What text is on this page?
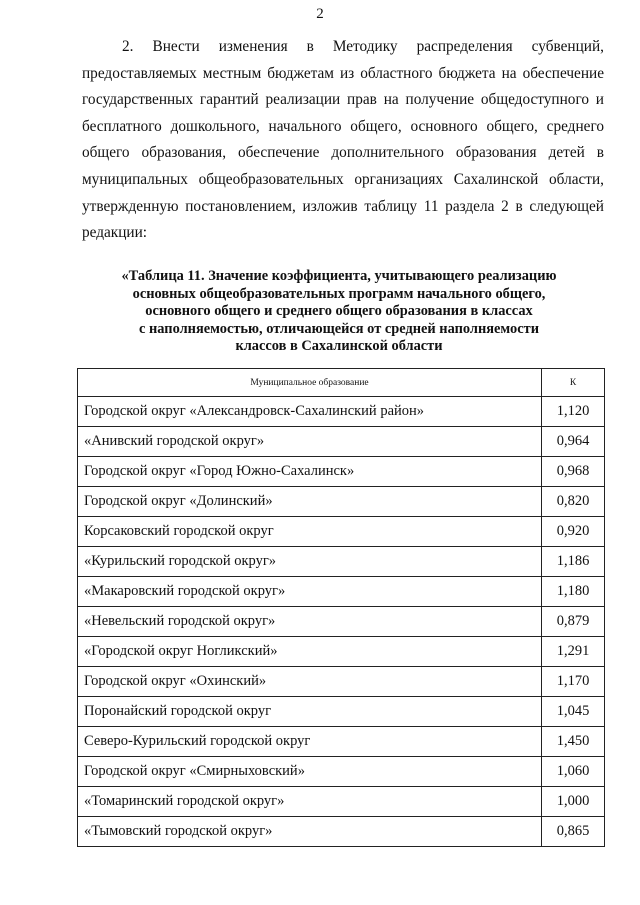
2

2. Внести изменения в Методику распределения субвенций, предоставляемых местным бюджетам из областного бюджета на обеспечение государственных гарантий реализации прав на получение общедоступного и бесплатного дошкольного, начального общего, основного общего, среднего общего образования, обеспечение дополнительного образования детей в муниципальных общеобразовательных организациях Сахалинской области, утвержденную постановлением, изложив таблицу 11 раздела 2 в следующей редакции:

«Таблица 11. Значение коэффициента, учитывающего реализацию
основных общеобразовательных программ начального общего,
основного общего и среднего общего образования в классах
с наполняемостью, отличающейся от средней наполняемости
классов в Сахалинской области
Муниципальное образование	К
Городской округ «Александровск-Сахалинский район»	1,120
«Анивский городской округ»	0,964
Городской округ «Город Южно-Сахалинск»	0,968
Городской округ «Долинский»	0,820
Корсаковский городской округ	0,920
«Курильский городской округ»	1,186
«Макаровский городской округ»	1,180
«Невельский городской округ»	0,879
«Городской округ Ногликский»	1,291
Городской округ «Охинский»	1,170
Поронайский городской округ	1,045
Северо-Курильский городской округ	1,450
Городской округ «Смирныховский»	1,060
«Томаринский городской округ»	1,000
«Тымовский городской округ»	0,865
